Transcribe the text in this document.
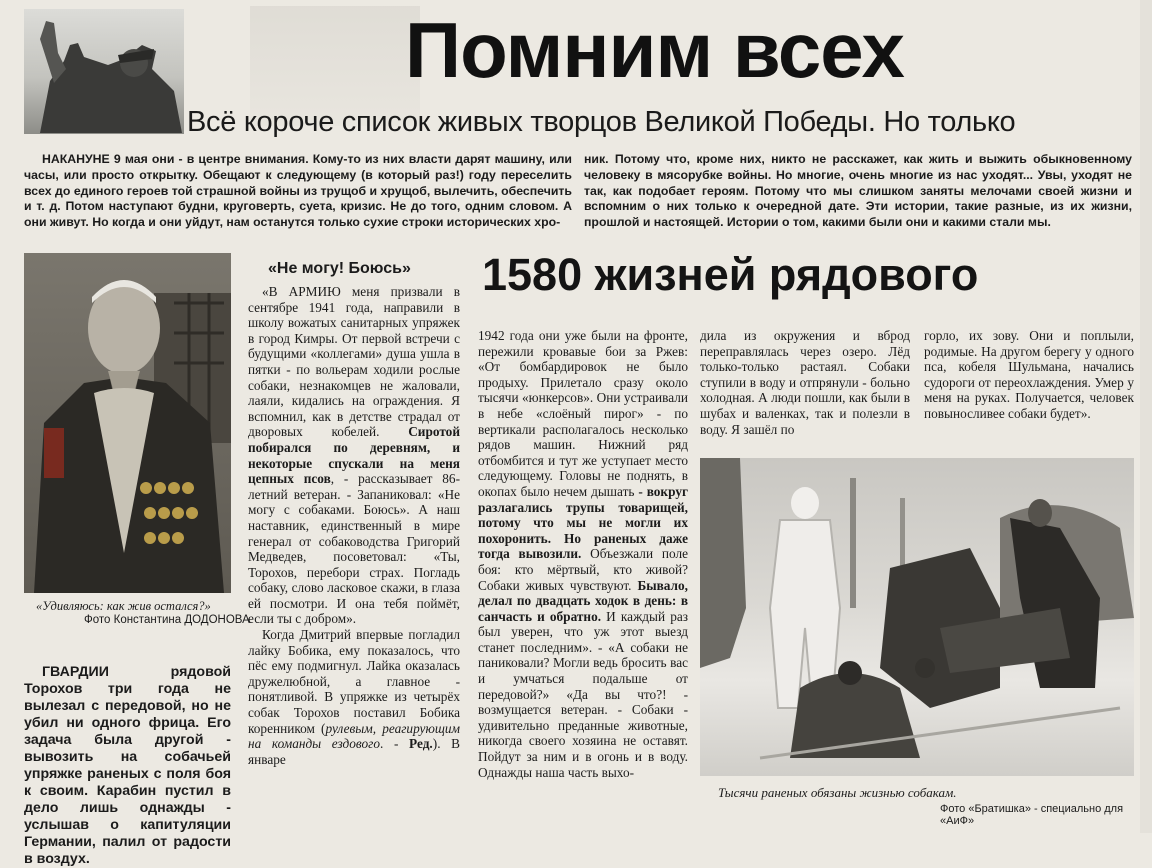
Помним всех
Всё короче список живых творцов Великой Победы. Но только
НАКАНУНЕ 9 мая они - в центре внимания. Кому-то из них власти дарят машину, или часы, или просто открытку. Обещают к следующему (в который раз!) году переселить всех до единого героев той страшной войны из трущоб и хрущоб, вылечить, обеспечить и т. д. Потом наступают будни, круговерть, суета, кризис. Не до того, одним словом. А они живут. Но когда и они уйдут, нам останутся только сухие строки исторических хро-
ник. Потому что, кроме них, никто не расскажет, как жить и выжить обыкновенному человеку в мясорубке войны. Но многие, очень многие из нас уходят... Увы, уходят не так, как подобает героям. Потому что мы слишком заняты мелочами своей жизни и вспомним о них только к очередной дате. Эти истории, такие разные, из их жизни, прошлой и настоящей. Истории о том, какими были они и какими стали мы.
«Удивляюсь: как жив остался?»
Фото Константина ДОДОНОВА
ГВАРДИИ рядовой Торохов три года не вылезал с передовой, но не убил ни одного фрица. Его задача была другой - вывозить на собачьей упряжке раненых с поля боя к своим. Карабин пустил в дело лишь однажды - услышав о капитуляции Германии, палил от радости в воздух.
«Не могу! Боюсь» 1580 жизней рядового

«В АРМИЮ меня призвали в сентябре 1941 года, направили в школу вожатых санитарных упряжек в город Кимры. От первой встречи с будущими «коллегами» душа ушла в пятки - по вольерам ходили рослые собаки, незнакомцев не жаловали, лаяли, кидались на ограждения. Я вспомнил, как в детстве страдал от дворовых кобелей. Сиротой побирался по деревням, и некоторые спускали на меня цепных псов, - рассказывает 86-летний ветеран. - Запаниковал: «Не могу с собаками. Боюсь». А наш наставник, единственный в мире генерал от собаководства Григорий Медведев, посоветовал: «Ты, Торохов, перебори страх. Погладь собаку, слово ласковое скажи, в глаза ей посмотри. И она тебя поймёт, если ты с добром».

Когда Дмитрий впервые погладил лайку Бобика, ему показалось, что пёс ему подмигнул. Лайка оказалась дружелюбной, а главное - понятливой. В упряжке из четырёх собак Торохов поставил Бобика коренником (рулевым, реагирующим на команды ездового. - Ред.). В январе

1942 года они уже были на фронте, пережили кровавые бои за Ржев: «От бомбардировок не было продыху. Прилетало сразу около тысячи «юнкерсов». Они устраивали в небе «слоёный пирог» - по вертикали располагалось несколько рядов машин. Нижний ряд отбомбится и тут же уступает место следующему. Головы не поднять, в окопах было нечем дышать - вокруг разлагались трупы товарищей, потому что мы не могли их похоронить. Но раненых даже тогда вывозили. Объезжали поле боя: кто мёртвый, кто живой? Собаки живых чувствуют. Бывало, делал по двадцать ходок в день: в санчасть и обратно. И каждый раз был уверен, что уж этот выезд станет последним». - «А собаки не паниковали? Могли ведь бросить вас и умчаться подальше от передовой?» «Да вы что?! - возмущается ветеран. - Собаки - удивительно преданные животные, никогда своего хозяина не оставят. Пойдут за ним и в огонь и в воду. Однажды наша часть выхо-
дила из окружения и вброд переправлялась через озеро. Лёд только-только растаял. Собаки ступили в воду и отпрянули - больно холодная. А люди пошли, как были в шубах и валенках, так и полезли в воду. Я зашёл по
горло, их зову. Они и поплыли, родимые. На другом берегу у одного пса, кобеля Шульмана, начались судороги от переохлаждения. Умер у меня на руках. Получается, человек повыносливее собаки будет».
Тысячи раненых обязаны жизнью собакам.
Фото «Братишка» - специально для «АиФ»
